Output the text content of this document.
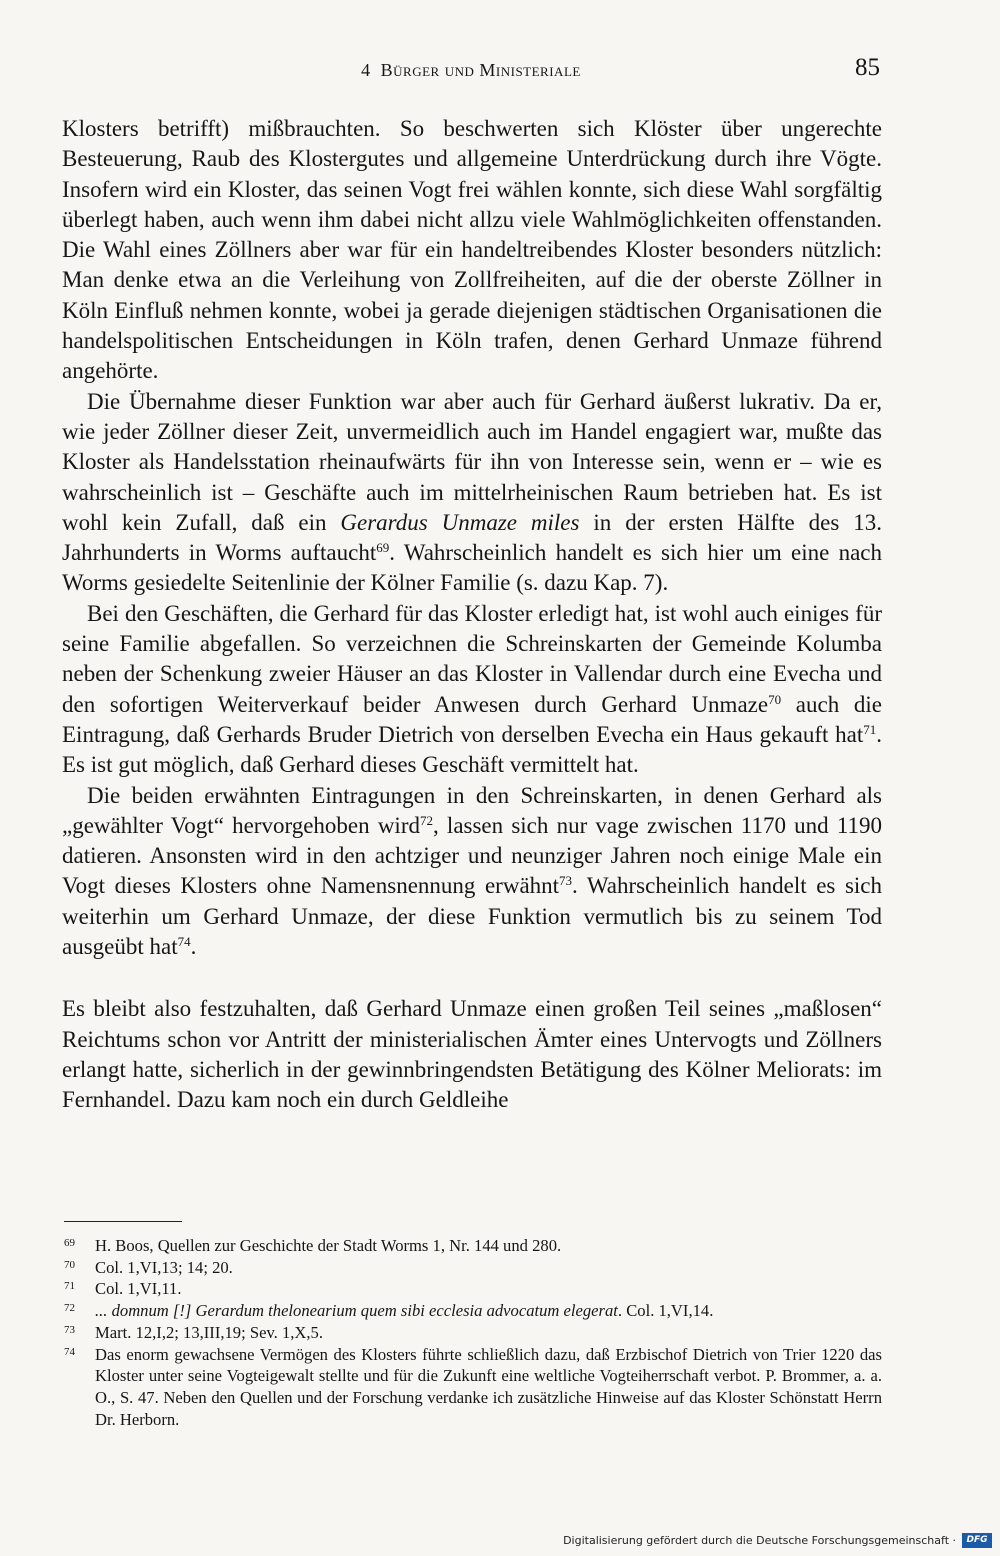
4 Bürger und Ministeriale	85

Klosters betrifft) mißbrauchten. So beschwerten sich Klöster über ungerechte Besteuerung, Raub des Klostergutes und allgemeine Unterdrückung durch ihre Vögte. Insofern wird ein Kloster, das seinen Vogt frei wählen konnte, sich diese Wahl sorgfältig überlegt haben, auch wenn ihm dabei nicht allzu viele Wahlmöglichkeiten offenstanden. Die Wahl eines Zöllners aber war für ein handeltreibendes Kloster besonders nützlich: Man denke etwa an die Verleihung von Zollfreiheiten, auf die der oberste Zöllner in Köln Einfluß nehmen konnte, wobei ja gerade diejenigen städtischen Organisationen die handelspolitischen Entscheidungen in Köln trafen, denen Gerhard Unmaze führend angehörte.

Die Übernahme dieser Funktion war aber auch für Gerhard äußerst lukrativ. Da er, wie jeder Zöllner dieser Zeit, unvermeidlich auch im Handel engagiert war, mußte das Kloster als Handelsstation rheinaufwärts für ihn von Interesse sein, wenn er – wie es wahrscheinlich ist – Geschäfte auch im mittelrheinischen Raum betrieben hat. Es ist wohl kein Zufall, daß ein Gerardus Unmaze miles in der ersten Hälfte des 13. Jahrhunderts in Worms auftaucht$^{69}$. Wahrscheinlich handelt es sich hier um eine nach Worms gesiedelte Seitenlinie der Kölner Familie (s. dazu Kap. 7).

Bei den Geschäften, die Gerhard für das Kloster erledigt hat, ist wohl auch einiges für seine Familie abgefallen. So verzeichnen die Schreinskarten der Gemeinde Kolumba neben der Schenkung zweier Häuser an das Kloster in Vallendar durch eine Evecha und den sofortigen Weiterverkauf beider Anwesen durch Gerhard Unmaze$^{70}$ auch die Eintragung, daß Gerhards Bruder Dietrich von derselben Evecha ein Haus gekauft hat$^{71}$. Es ist gut möglich, daß Gerhard dieses Geschäft vermittelt hat.

Die beiden erwähnten Eintragungen in den Schreinskarten, in denen Gerhard als „gewählter Vogt“ hervorgehoben wird$^{72}$, lassen sich nur vage zwischen 1170 und 1190 datieren. Ansonsten wird in den achtziger und neunziger Jahren noch einige Male ein Vogt dieses Klosters ohne Namensnennung erwähnt$^{73}$. Wahrscheinlich handelt es sich weiterhin um Gerhard Unmaze, der diese Funktion vermutlich bis zu seinem Tod ausgeübt hat$^{74}$.

Es bleibt also festzuhalten, daß Gerhard Unmaze einen großen Teil seines „maßlosen“ Reichtums schon vor Antritt der ministerialischen Ämter eines Untervogts und Zöllners erlangt hatte, sicherlich in der gewinnbringendsten Betätigung des Kölner Meliorats: im Fernhandel. Dazu kam noch ein durch Geldleihe

69	H. Boos, Quellen zur Geschichte der Stadt Worms 1, Nr. 144 und 280.
70	Col. 1,VI,13; 14; 20.
71	Col. 1,VI,11.
72	... domnum [!] Gerardum thelonearium quem sibi ecclesia advocatum elegerat. Col. 1,VI,14.
73	Mart. 12,I,2; 13,III,19; Sev. 1,X,5.
74	Das enorm gewachsene Vermögen des Klosters führte schließlich dazu, daß Erzbischof Dietrich von Trier 1220 das Kloster unter seine Vogteigewalt stellte und für die Zukunft eine weltliche Vogteiherrschaft verbot. P. Brommer, a. a. O., S. 47. Neben den Quellen und der Forschung verdanke ich zusätzliche Hinweise auf das Kloster Schönstatt Herrn Dr. Herborn.
Digitalisierung gefördert durch die Deutsche Forschungsgemeinschaft ·	DFG
